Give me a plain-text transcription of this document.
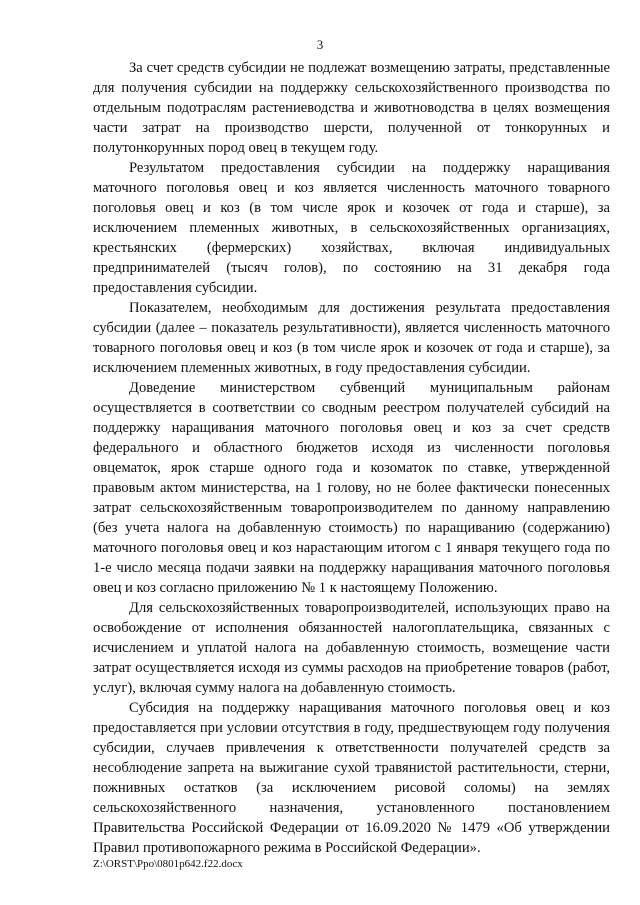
3

За счет средств субсидии не подлежат возмещению затраты, представленные для получения субсидии на поддержку сельскохозяйственного производства по отдельным подотраслям растениеводства и животноводства в целях возмещения части затрат на производство шерсти, полученной от тонкорунных и полутонкорунных пород овец в текущем году.

Результатом предоставления субсидии на поддержку наращивания маточного поголовья овец и коз является численность маточного товарного поголовья овец и коз (в том числе ярок и козочек от года и старше), за исключением племенных животных, в сельскохозяйственных организациях, крестьянских (фермерских) хозяйствах, включая индивидуальных предпринимателей (тысяч голов), по состоянию на 31 декабря года предоставления субсидии.

Показателем, необходимым для достижения результата предоставления субсидии (далее – показатель результативности), является численность маточного товарного поголовья овец и коз (в том числе ярок и козочек от года и старше), за исключением племенных животных, в году предоставления субсидии.

Доведение министерством субвенций муниципальным районам осуществляется в соответствии со сводным реестром получателей субсидий на поддержку наращивания маточного поголовья овец и коз за счет средств федерального и областного бюджетов исходя из численности поголовья овцематок, ярок старше одного года и козоматок по ставке, утвержденной правовым актом министерства, на 1 голову, но не более фактически понесенных затрат сельскохозяйственным товаропроизводителем по данному направлению (без учета налога на добавленную стоимость) по наращиванию (содержанию) маточного поголовья овец и коз нарастающим итогом с 1 января текущего года по 1-е число месяца подачи заявки на поддержку наращивания маточного поголовья овец и коз согласно приложению № 1 к настоящему Положению.

Для сельскохозяйственных товаропроизводителей, использующих право на освобождение от исполнения обязанностей налогоплательщика, связанных с исчислением и уплатой налога на добавленную стоимость, возмещение части затрат осуществляется исходя из суммы расходов на приобретение товаров (работ, услуг), включая сумму налога на добавленную стоимость.

Субсидия на поддержку наращивания маточного поголовья овец и коз предоставляется при условии отсутствия в году, предшествующем году получения субсидии, случаев привлечения к ответственности получателей средств за несоблюдение запрета на выжигание сухой травянистой растительности, стерни, пожнивных остатков (за исключением рисовой соломы) на землях сельскохозяйственного назначения, установленного постановлением Правительства Российской Федерации от 16.09.2020 № 1479 «Об утверждении Правил противопожарного режима в Российской Федерации».

Z:\ORST\Ppo\0801p642.f22.docx
